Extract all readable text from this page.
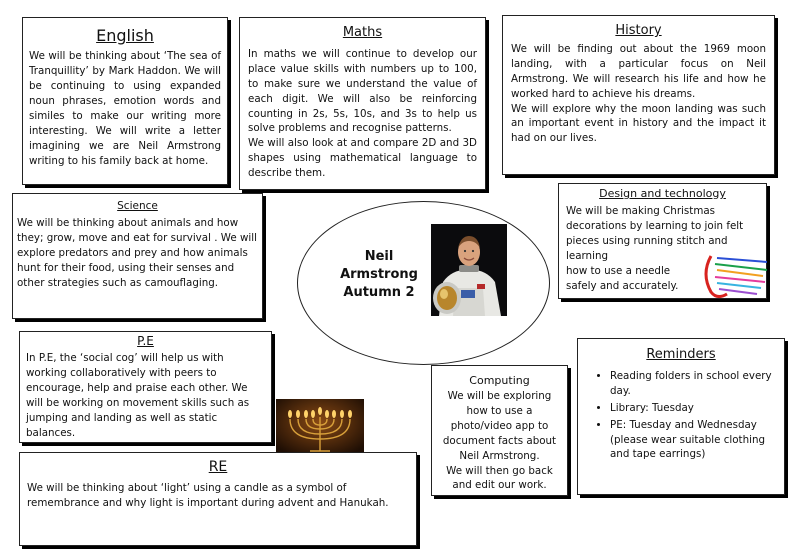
English

We will be thinking about ‘The sea of Tranquillity’ by Mark Haddon. We will be continuing to using expanded noun phrases, emotion words and similes to make our writing more interesting. We will write a letter imagining we are Neil Armstrong writing to his family back at home.

Maths

In maths we will continue to develop our place value skills with numbers up to 100, to make sure we understand the value of each digit. We will also be reinforcing counting in 2s, 5s, 10s, and 3s to help us solve problems and recognise patterns.

We will also look at and compare 2D and 3D shapes using mathematical language to describe them.

History

We will be finding out about the 1969 moon landing, with a particular focus on Neil Armstrong. We will research his life and how he worked hard to achieve his dreams.

We will explore why the moon landing was such an important event in history and the impact it had on our lives.

Science

We will be thinking about animals and how they; grow, move and eat for survival . We will explore predators and prey and how animals hunt for their food, using their senses and other strategies such as camouflaging.

Neil Armstrong
Autumn 2
Design and technology

We will be making Christmas decorations by learning to join felt pieces using running stitch and learning

how to use a needle safely and accurately.

P.E

In P.E, the ‘social cog’ will help us with working collaboratively with peers to encourage, help and praise each other. We will be working on movement skills such as jumping and landing as well as static balances.

RE

We will be thinking about ‘light’ using a candle as a symbol of remembrance and why light is important during advent and Hanukah.

Computing

We will be exploring how to use a photo/video app to document facts about Neil Armstrong.

We will then go back and edit our work.

Reminders
• Reading folders in school every day.
• Library: Tuesday
• PE: Tuesday and Wednesday (please wear suitable clothing and tape earrings)
